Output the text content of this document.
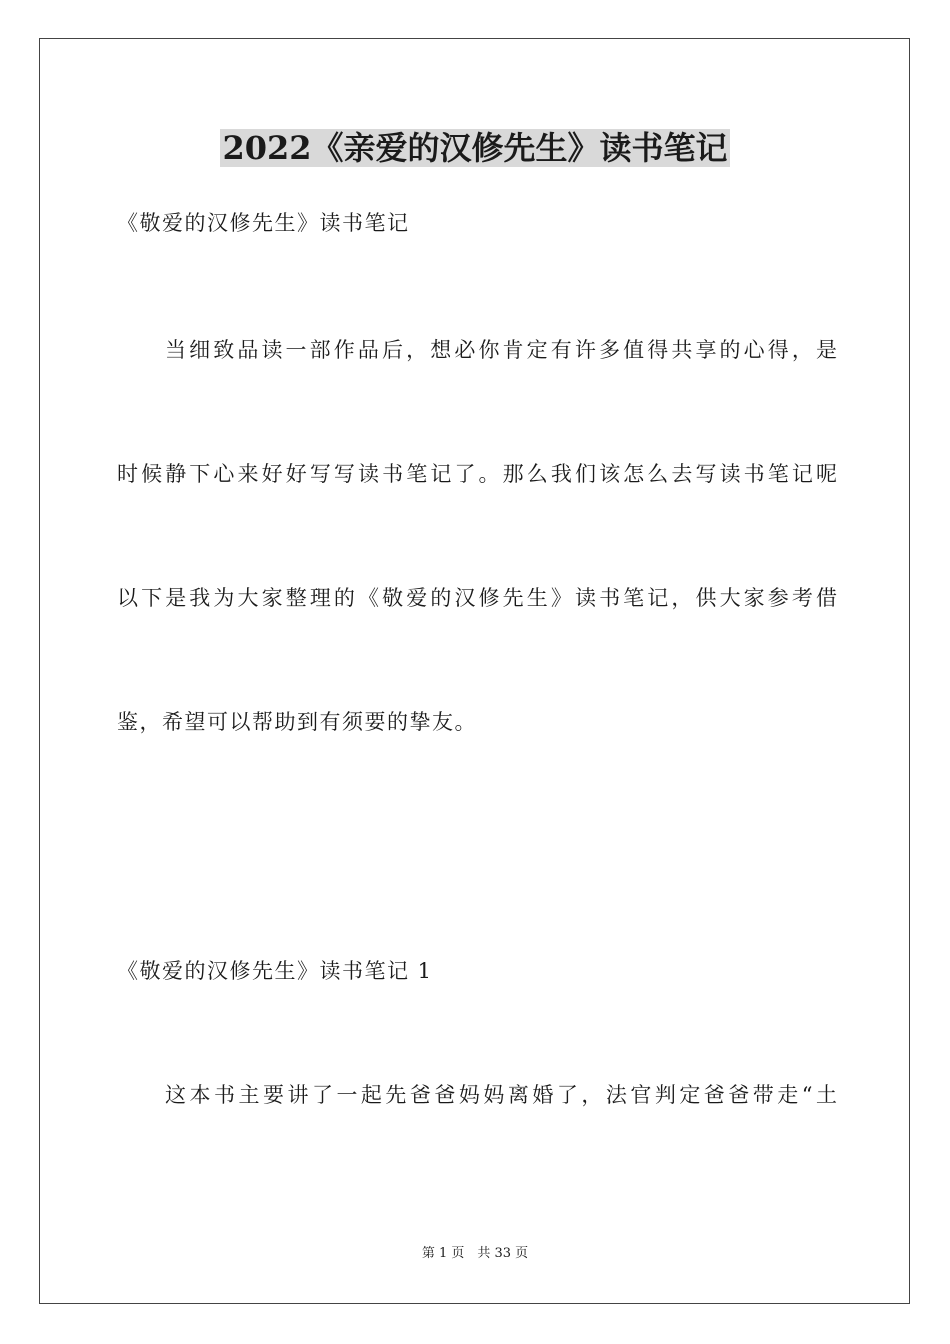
2022《亲爱的汉修先生》读书笔记

《敬爱的汉修先生》读书笔记

当细致品读一部作品后，想必你肯定有许多值得共享的心得，是

时候静下心来好好写写读书笔记了。那么我们该怎么去写读书笔记呢

以下是我为大家整理的《敬爱的汉修先生》读书笔记，供大家参考借

鉴，希望可以帮助到有须要的挚友。

《敬爱的汉修先生》读书笔记 1

这本书主要讲了一起先爸爸妈妈离婚了，法官判定爸爸带走“土

第 1 页　共 33 页
